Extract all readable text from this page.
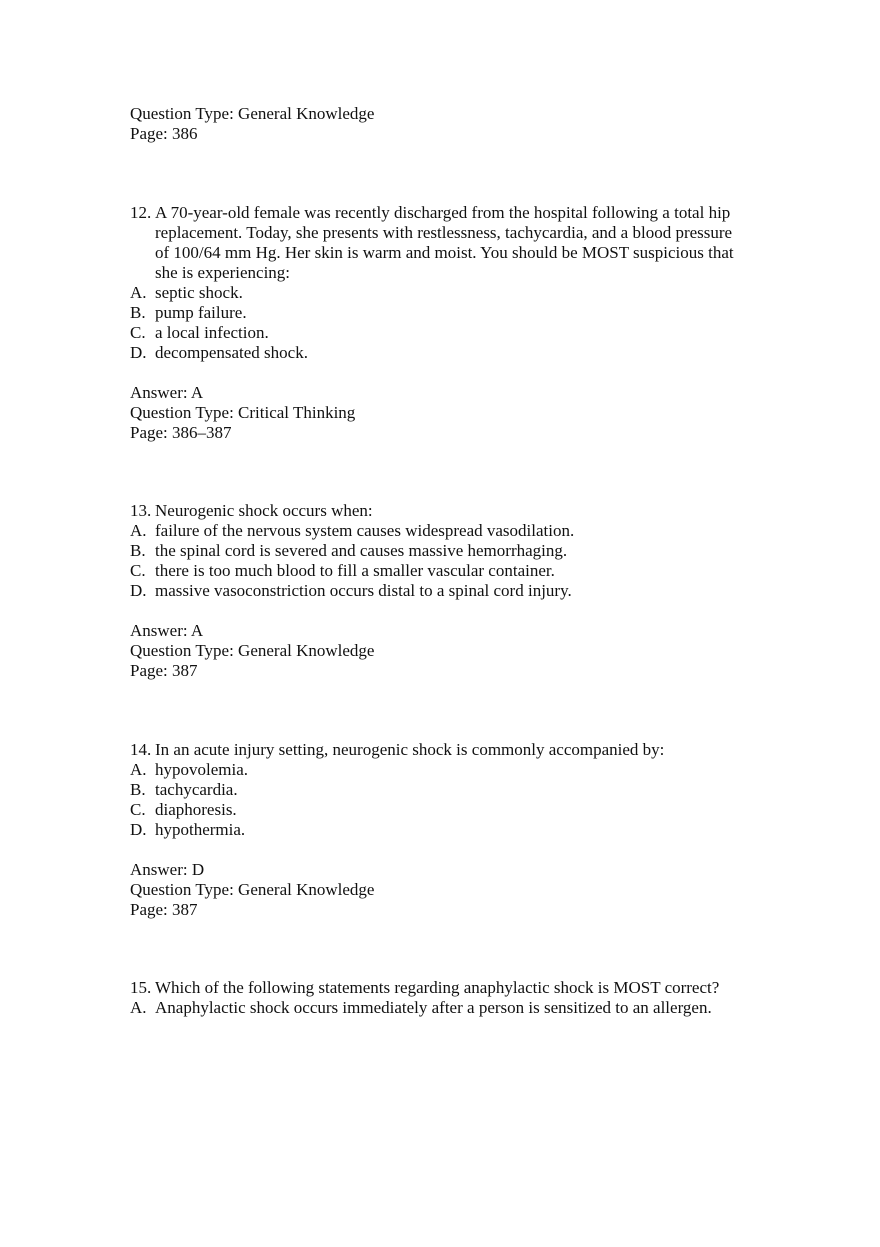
Question Type: General Knowledge
Page: 386
12. A 70-year-old female was recently discharged from the hospital following a total hip
replacement. Today, she presents with restlessness, tachycardia, and a blood pressure
of 100/64 mm Hg. Her skin is warm and moist. You should be MOST suspicious that
she is experiencing:
A. septic shock.
B. pump failure.
C. a local infection.
D. decompensated shock.
Answer: A
Question Type: Critical Thinking
Page: 386–387
13. Neurogenic shock occurs when:
A. failure of the nervous system causes widespread vasodilation.
B. the spinal cord is severed and causes massive hemorrhaging.
C. there is too much blood to fill a smaller vascular container.
D. massive vasoconstriction occurs distal to a spinal cord injury.
Answer: A
Question Type: General Knowledge
Page: 387
14. In an acute injury setting, neurogenic shock is commonly accompanied by:
A. hypovolemia.
B. tachycardia.
C. diaphoresis.
D. hypothermia.
Answer: D
Question Type: General Knowledge
Page: 387
15. Which of the following statements regarding anaphylactic shock is MOST correct?
A. Anaphylactic shock occurs immediately after a person is sensitized to an allergen.
